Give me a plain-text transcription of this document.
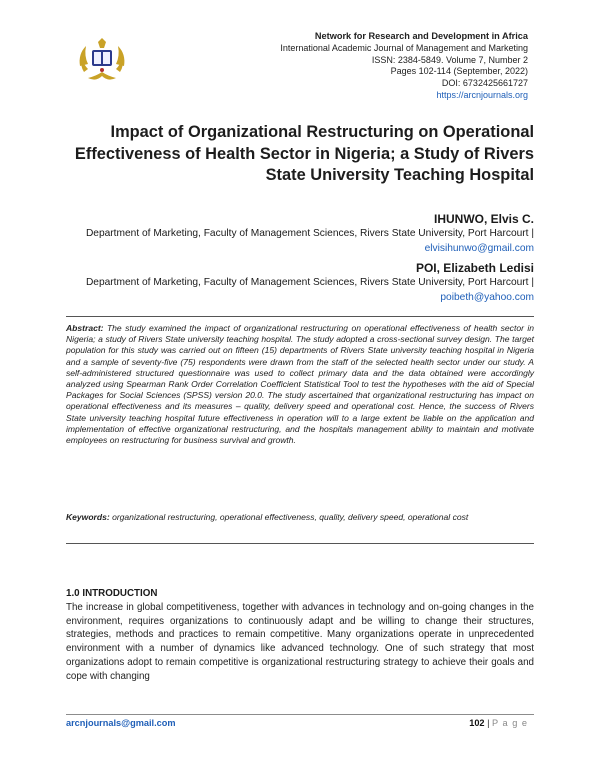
Network for Research and Development in Africa
International Academic Journal of Management and Marketing
ISSN: 2384-5849. Volume 7, Number 2
Pages 102-114 (September, 2022)
DOI: 6732425661727
https://arcnjournals.org
Impact of Organizational Restructuring on Operational Effectiveness of Health Sector in Nigeria; a Study of Rivers State University Teaching Hospital
IHUNWO, Elvis C.
Department of Marketing, Faculty of Management Sciences, Rivers State University, Port Harcourt | elvisihunwo@gmail.com
POI, Elizabeth Ledisi
Department of Marketing, Faculty of Management Sciences, Rivers State University, Port Harcourt | poibeth@yahoo.com
Abstract: The study examined the impact of organizational restructuring on operational effectiveness of health sector in Nigeria; a study of Rivers State university teaching hospital. The study adopted a cross-sectional survey design. The target population for this study was carried out on fifteen (15) departments of Rivers State university teaching hospital in Nigeria and a sample of seventy-five (75) respondents were drawn from the staff of the selected health sector under our study. A self-administered structured questionnaire was used to collect primary data and the data obtained were accordingly analyzed using Spearman Rank Order Correlation Coefficient Statistical Tool to test the hypotheses with the aid of Special Packages for Social Sciences (SPSS) version 20.0. The study ascertained that organizational restructuring has impact on operational effectiveness and its measures – quality, delivery speed and operational cost. Hence, the success of Rivers State university teaching hospital future effectiveness in operation will to a large extent be liable on the application and implementation of effective organizational restructuring, and the hospitals management ability to maintain and motivate employees on restructuring for business survival and growth.
Keywords: organizational restructuring, operational effectiveness, quality, delivery speed, operational cost
1.0 INTRODUCTION
The increase in global competitiveness, together with advances in technology and on-going changes in the environment, requires organizations to continuously adapt and be willing to change their structures, strategies, methods and practices to remain competitive. Many organizations operate in unprecedented environment with a number of dynamics like advanced technology. One of such strategy that most organizations adopt to remain competitive is organizational restructuring strategy to achieve their goals and cope with changing
arcnjournals@gmail.com	102 | P a g e
